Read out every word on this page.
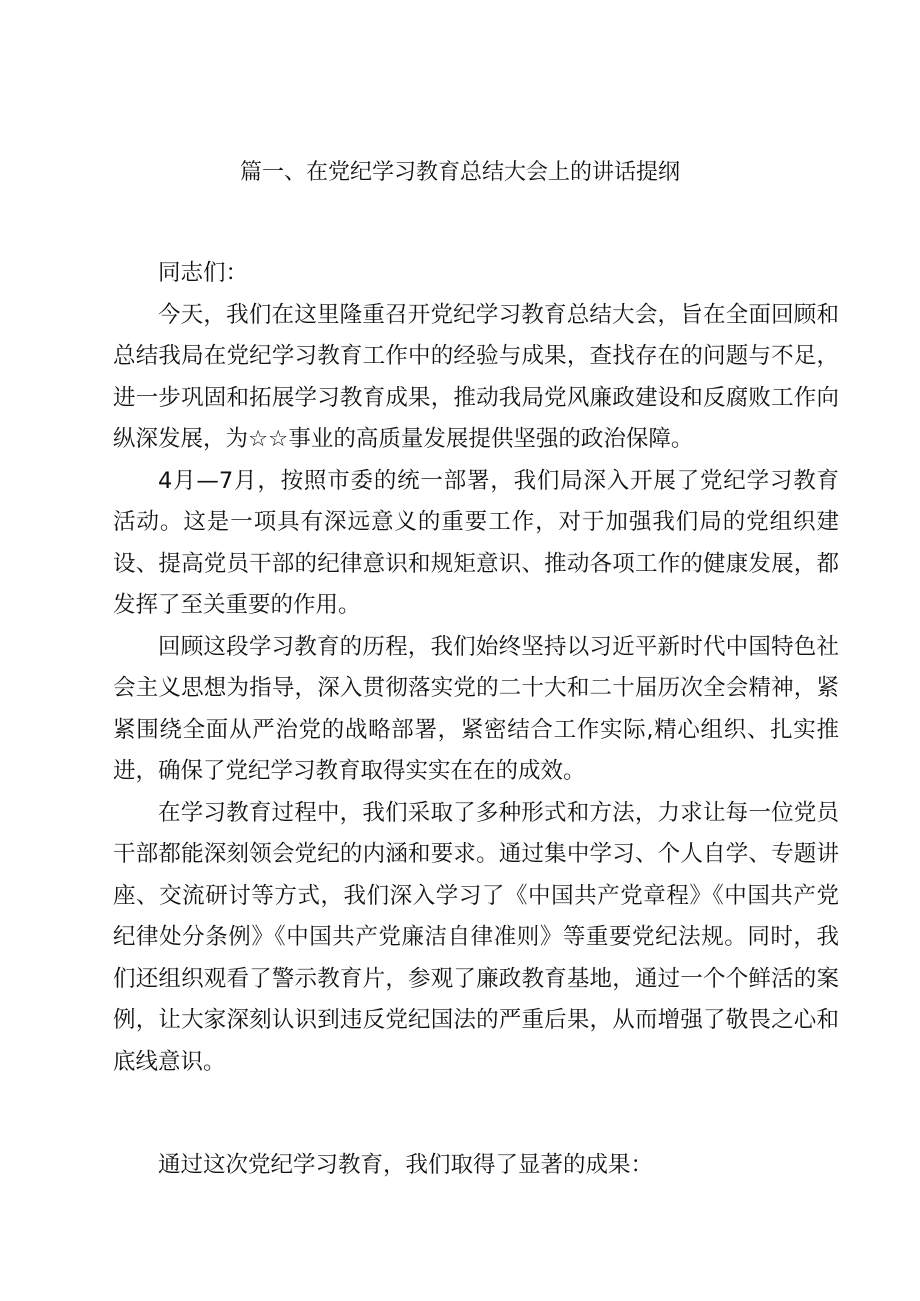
篇一、在党纪学习教育总结大会上的讲话提纲

同志们：

今天，我们在这里隆重召开党纪学习教育总结大会，旨在全面回顾和总结我局在党纪学习教育工作中的经验与成果，查找存在的问题与不足，进一步巩固和拓展学习教育成果，推动我局党风廉政建设和反腐败工作向纵深发展，为☆☆事业的高质量发展提供坚强的政治保障。

4月—7月，按照市委的统一部署，我们局深入开展了党纪学习教育活动。这是一项具有深远意义的重要工作，对于加强我们局的党组织建设、提高党员干部的纪律意识和规矩意识、推动各项工作的健康发展，都发挥了至关重要的作用。

回顾这段学习教育的历程，我们始终坚持以习近平新时代中国特色社会主义思想为指导，深入贯彻落实党的二十大和二十届历次全会精神，紧紧围绕全面从严治党的战略部署，紧密结合工作实际,精心组织、扎实推进，确保了党纪学习教育取得实实在在的成效。

在学习教育过程中，我们采取了多种形式和方法，力求让每一位党员干部都能深刻领会党纪的内涵和要求。通过集中学习、个人自学、专题讲座、交流研讨等方式，我们深入学习了《中国共产党章程》《中国共产党纪律处分条例》《中国共产党廉洁自律准则》等重要党纪法规。同时，我们还组织观看了警示教育片，参观了廉政教育基地，通过一个个鲜活的案例，让大家深刻认识到违反党纪国法的严重后果，从而增强了敬畏之心和底线意识。

通过这次党纪学习教育，我们取得了显著的成果：
